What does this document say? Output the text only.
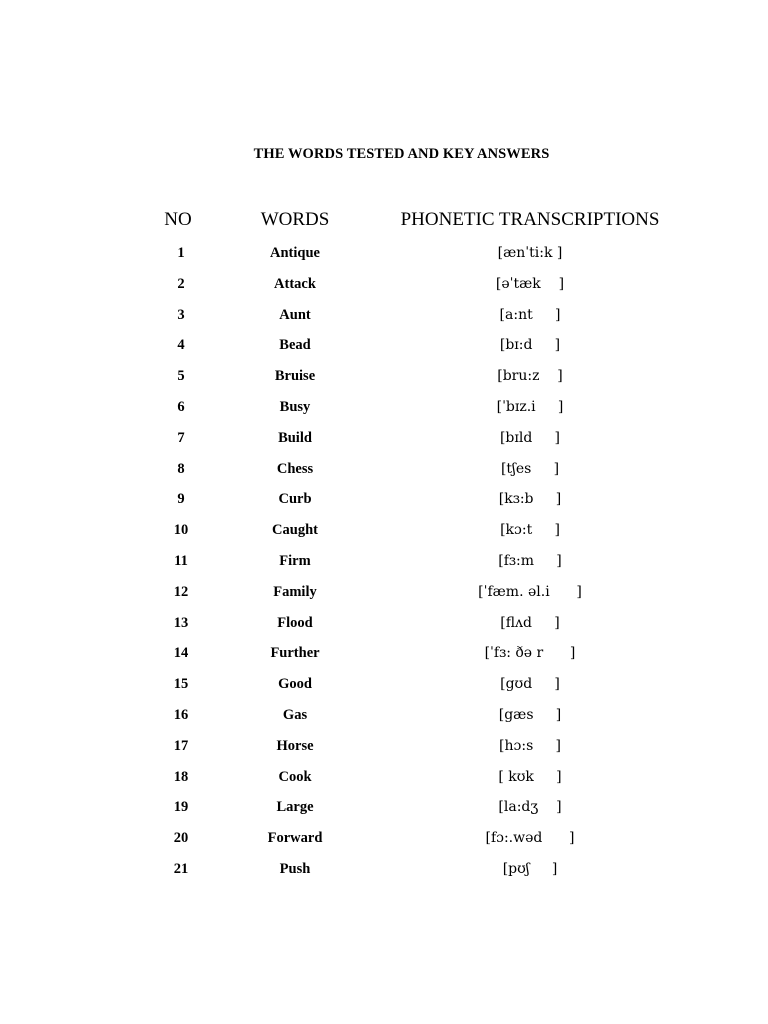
THE WORDS TESTED AND KEY ANSWERS
NO	WORDS	PHONETIC TRANSCRIPTIONS
1	Antique	[ænˈti:k ]
2	Attack	[əˈtæk    ]
3	Aunt	[a:nt     ]
4	Bead	[bɪ:d     ]
5	Bruise	[bru:z    ]
6	Busy	[ˈbɪz.i     ]
7	Build	[bɪld     ]
8	Chess	[tʃes     ]
9	Curb	[kɜ:b     ]
10	Caught	[kɔ:t     ]
11	Firm	[fɜ:m     ]
12	Family	[ˈfæm. əl.i      ]
13	Flood	[flʌd     ]
14	Further	[ˈfɜ: ðə r      ]
15	Good	[gʊd     ]
16	Gas	[gæs     ]
17	Horse	[hɔ:s     ]
18	Cook	[ kʊk     ]
19	Large	[la:dʒ    ]
20	Forward	[fɔ:.wəd      ]
21	Push	[pʊʃ     ]
